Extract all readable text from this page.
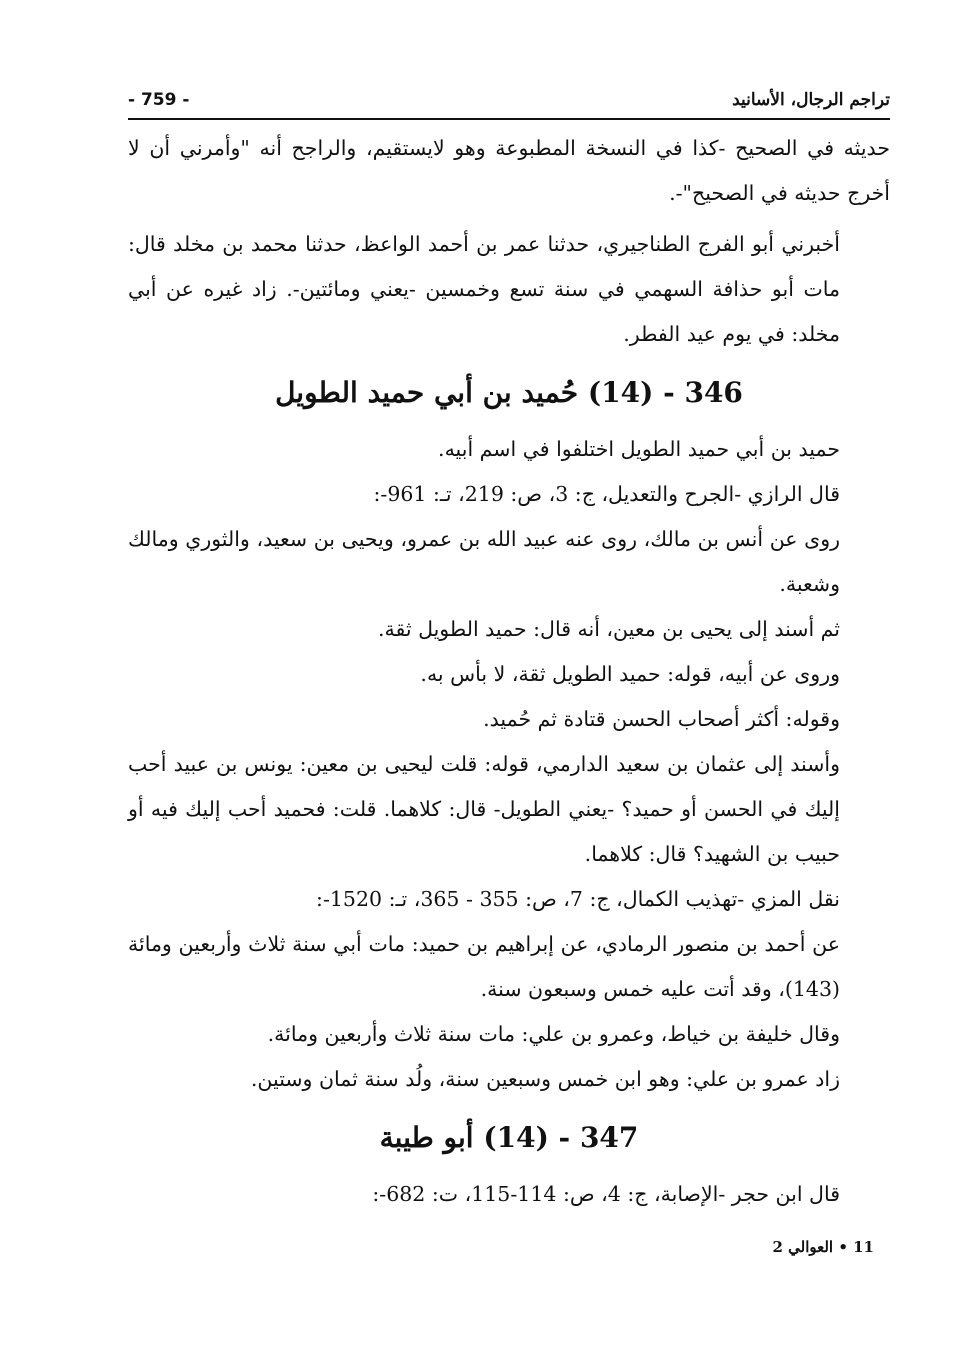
تراجم الرجال، الأسانيد
- 759 -

حديثه في الصحيح -كذا في النسخة المطبوعة وهو لايستقيم، والراجح أنه "وأمرني أن لا أخرج حديثه في الصحيح"-.

أخبرني أبو الفرج الطناجيري، حدثنا عمر بن أحمد الواعظ، حدثنا محمد بن مخلد قال: مات أبو حذافة السهمي في سنة تسع وخمسين -يعني ومائتين-. زاد غيره عن أبي مخلد: في يوم عيد الفطر.

346 - (14) حُميد بن أبي حميد الطويل

حميد بن أبي حميد الطويل اختلفوا في اسم أبيه.

قال الرازي -الجرح والتعديل، ج: 3، ص: 219، تـ: 961-:

روى عن أنس بن مالك، روى عنه عبيد الله بن عمرو، ويحيى بن سعيد، والثوري ومالك وشعبة.

ثم أسند إلى يحيى بن معين، أنه قال: حميد الطويل ثقة.

وروى عن أبيه، قوله: حميد الطويل ثقة، لا بأس به.

وقوله: أكثر أصحاب الحسن قتادة ثم حُميد.

وأسند إلى عثمان بن سعيد الدارمي، قوله: قلت ليحيى بن معين: يونس بن عبيد أحب إليك في الحسن أو حميد؟ -يعني الطويل- قال: كلاهما. قلت: فحميد أحب إليك فيه أو حبيب بن الشهيد؟ قال: كلاهما.

نقل المزي -تهذيب الكمال، ج: 7، ص: 355 - 365، تـ: 1520-:

عن أحمد بن منصور الرمادي، عن إبراهيم بن حميد: مات أبي سنة ثلاث وأربعين ومائة (143)، وقد أتت عليه خمس وسبعون سنة.

وقال خليفة بن خياط، وعمرو بن علي: مات سنة ثلاث وأربعين ومائة.

زاد عمرو بن علي: وهو ابن خمس وسبعين سنة، ولُد سنة ثمان وستين.

347 - (14) أبو طيبة

قال ابن حجر -الإصابة، ج: 4، ص: 114-115، ت: 682-:

11 • العوالي 2
